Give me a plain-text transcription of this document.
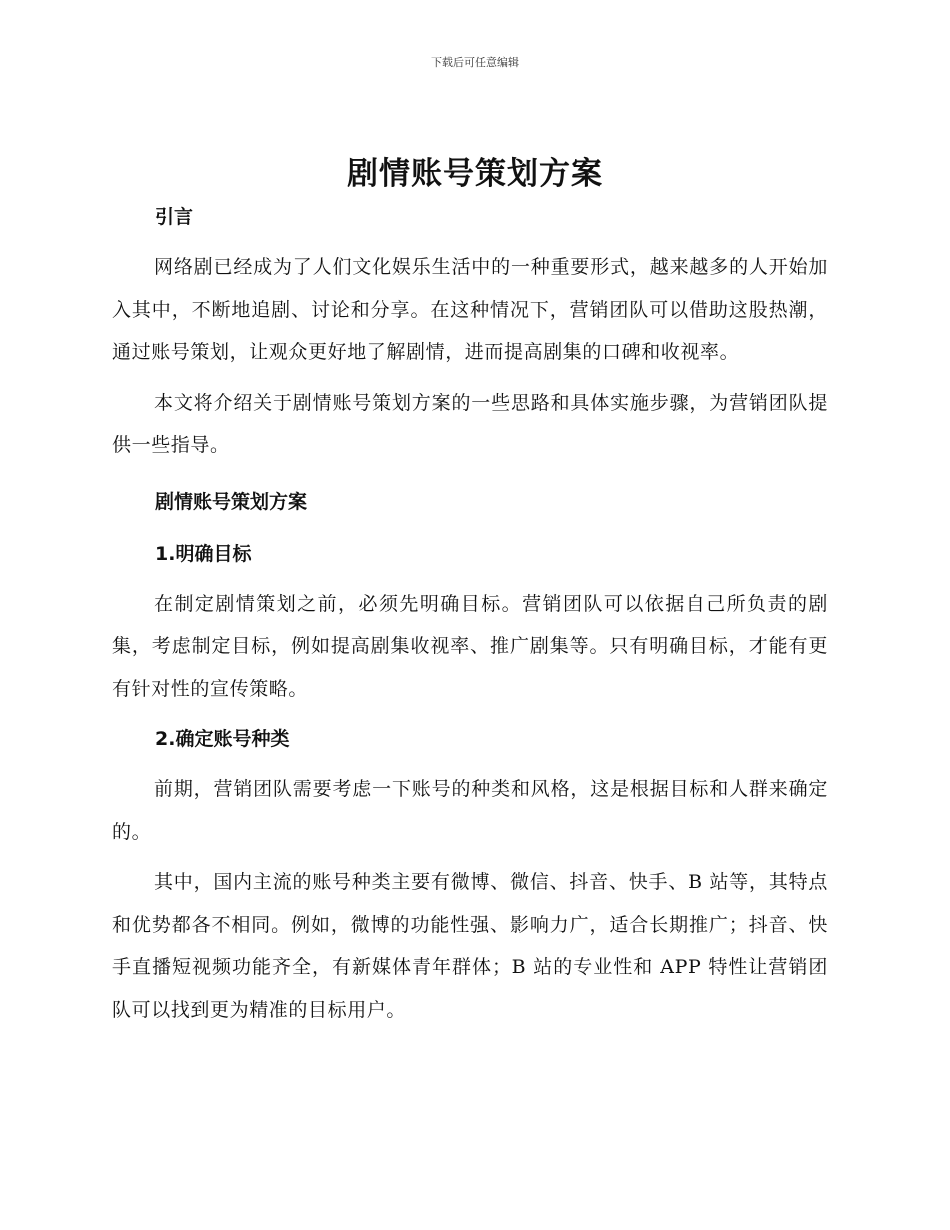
下载后可任意编辑
剧情账号策划方案

引言

网络剧已经成为了人们文化娱乐生活中的一种重要形式，越来越多的人开始加入其中，不断地追剧、讨论和分享。在这种情况下，营销团队可以借助这股热潮，通过账号策划，让观众更好地了解剧情，进而提高剧集的口碑和收视率。

本文将介绍关于剧情账号策划方案的一些思路和具体实施步骤，为营销团队提供一些指导。

剧情账号策划方案

1.明确目标

在制定剧情策划之前，必须先明确目标。营销团队可以依据自己所负责的剧集，考虑制定目标，例如提高剧集收视率、推广剧集等。只有明确目标，才能有更有针对性的宣传策略。

2.确定账号种类

前期，营销团队需要考虑一下账号的种类和风格，这是根据目标和人群来确定的。

其中，国内主流的账号种类主要有微博、微信、抖音、快手、B 站等，其特点和优势都各不相同。例如，微博的功能性强、影响力广，适合长期推广；抖音、快手直播短视频功能齐全，有新媒体青年群体；B 站的专业性和 APP 特性让营销团队可以找到更为精准的目标用户。
